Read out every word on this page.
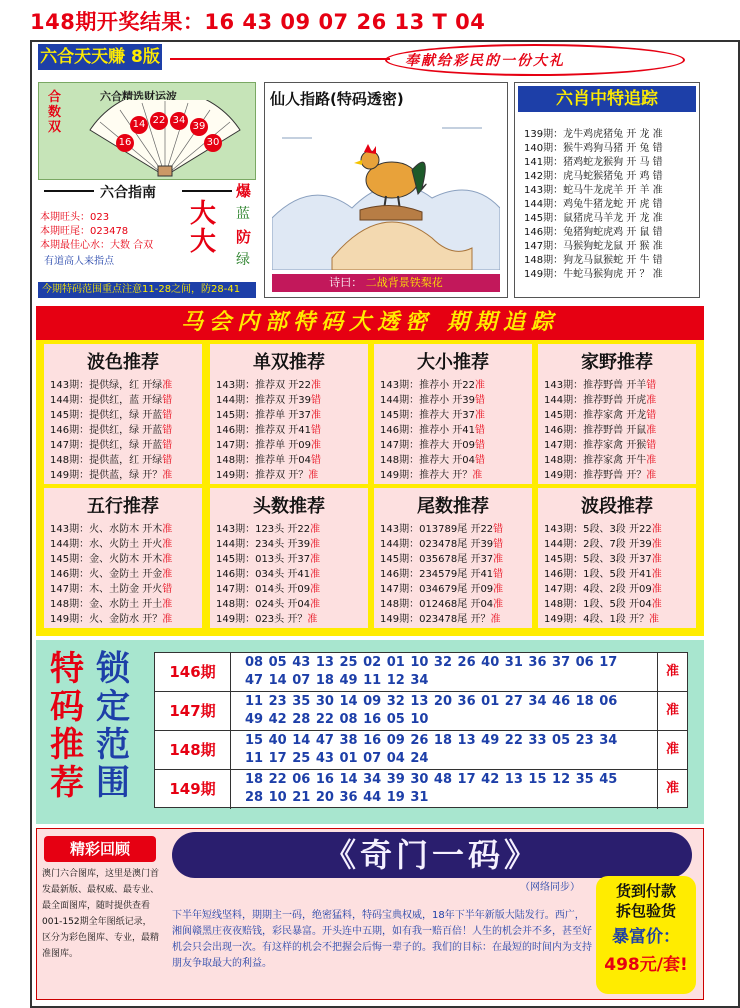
148期开奖结果：16 43 09 07 26 13 T 04
六合天天赚 8版	奉献给彩民的一份大礼
六合精选财运波
合数双
16
14 22 34
39
30
六合指南
本期旺头：023
本期旺尾：023478
本期最佳心水：大数 合双
有道高人来指点
大大
爆
蓝
防
绿
今期特码范围重点注意11-28之间，防28-41
仙人指路(特码透密)
诗曰： 二战背景铁梨花
六肖中特追踪
139期：龙牛鸡虎猪兔 开 龙 准
140期：猴牛鸡狗马猪 开 兔 错
141期：猪鸡蛇龙猴狗 开 马 错
142期：虎马蛇猴猪兔 开 鸡 错
143期：蛇马牛龙虎羊 开 羊 准
144期：鸡兔牛猪龙蛇 开 虎 错
145期：鼠猪虎马羊龙 开 龙 准
146期：兔猪狗蛇虎鸡 开 鼠 错
147期：马猴狗蛇龙鼠 开 猴 准
148期：狗龙马鼠猴蛇 开 牛 错
149期：牛蛇马猴狗虎 开 ？ 准
马会内部特码大透密 期期追踪
波色推荐
143期：提供绿，红 开绿准
144期：提供红，蓝 开绿错
145期：提供红，绿 开蓝错
146期：提供红，绿 开蓝错
147期：提供红，绿 开蓝错
148期：提供蓝，红 开绿错
149期：提供蓝，绿 开？准
单双推荐
143期：推荐双 开22准
144期：推荐双 开39错
145期：推荐单 开37准
146期：推荐双 开41错
147期：推荐单 开09准
148期：推荐单 开04错
149期：推荐双 开？准
大小推荐
143期：推荐小 开22准
144期：推荐小 开39错
145期：推荐大 开37准
146期：推荐小 开41错
147期：推荐大 开09错
148期：推荐大 开04错
149期：推荐大 开？准
家野推荐
143期：推荐野兽 开羊错
144期：推荐野兽 开虎准
145期：推荐家禽 开龙错
146期：推荐野兽 开鼠准
147期：推荐家禽 开猴错
148期：推荐家禽 开牛准
149期：推荐野兽 开？准
五行推荐
143期：火、水防木 开木准
144期：水、火防土 开火准
145期：金、火防木 开木准
146期：火、金防土 开金准
147期：木、土防金 开火错
148期：金、水防土 开土准
149期：火、金防水 开？准
头数推荐
143期：123头 开22准
144期：234头 开39准
145期：013头 开37准
146期：034头 开41准
147期：014头 开09准
148期：024头 开04准
149期：023头 开？准
尾数推荐
143期：013789尾 开22错
144期：023478尾 开39错
145期：035678尾 开37准
146期：234579尾 开41错
147期：034679尾 开09准
148期：012468尾 开04准
149期：023478尾 开？准
波段推荐
143期：5段、3段 开22准
144期：2段、7段 开39准
145期：5段、3段 开37准
146期：1段、5段 开41准
147期：4段、2段 开09准
148期：1段、5段 开04准
149期：4段、1段 开？准
特
码
推
荐
锁
定
范
围
146期
08 05 43 13 25 02 01 10 32 26 40 31 36 37 06 17
47 14 07 18 49 11 12 34
准
147期
11 23 35 30 14 09 32 13 20 36 01 27 34 46 18 06
49 42 28 22 08 16 05 10
准
148期
15 40 14 47 38 16 09 26 18 13 49 22 33 05 23 34
11 17 25 43 01 07 04 24
准
149期
18 22 06 16 14 34 39 30 48 17 42 13 15 12 35 45
28 10 21 20 36 44 19 31
准
精彩回顾
澳门六合图库，这里是澳门首发最新版、最权威、最专业、最全面图库，随时提供查看001-152期全年图纸记录，区分为彩色图库、专业，最精准图库。
《奇门一码》
（网络同步）
下半年短线坚料，期期主一码，绝密猛料，特码宝典权威，18年下半年新版大陆发行。西广，湘阆赣黑庄夜夜赔钱，彩民暴富。开头连中五期，如有我一赔百倍！人生的机会并不多，甚至好机会只会出现一次。有这样的机会不把握会后悔一辈子的。我们的目标：在最短的时间内为支持朋友争取最大的利益。
货到付款
拆包验货
暴富价：
498元/套!
